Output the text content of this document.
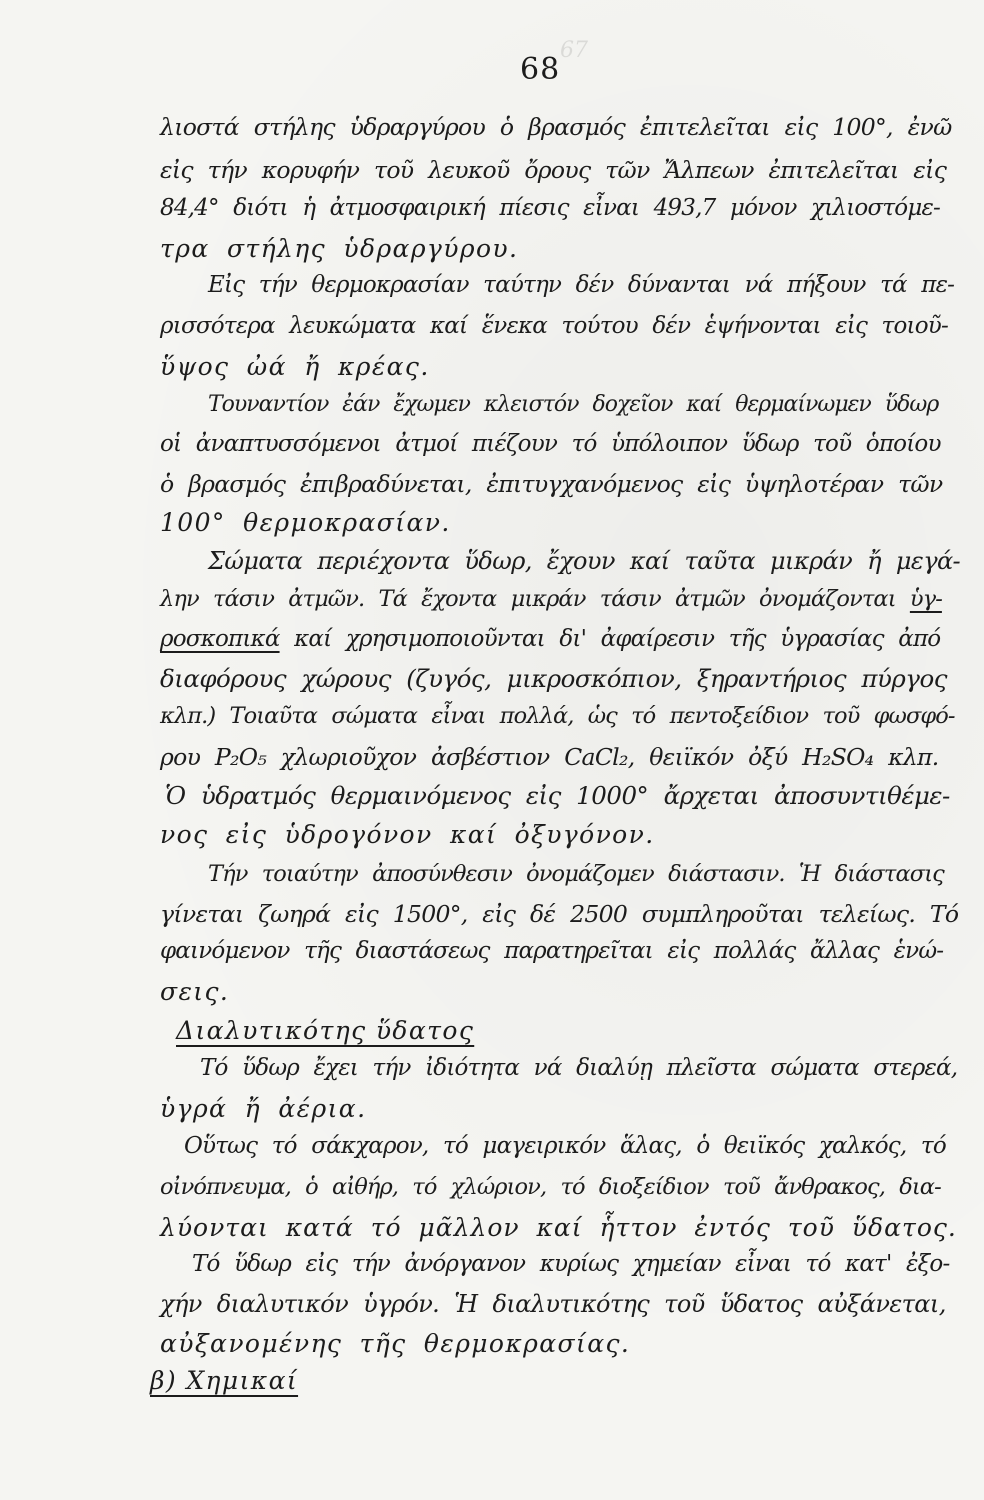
67
68
λιοστά στήλης ὑδραργύρου ὁ βρασμός ἐπιτελεῖται εἰς 100°, ἐνῶ
εἰς τήν κορυφήν τοῦ λευκοῦ ὄρους τῶν Ἄλπεων ἐπιτελεῖται εἰς
84,4° διότι ἡ ἀτμοσφαιρική πίεσις εἶναι 493,7 μόνον χιλιοστόμε-
τρα στήλης ὑδραργύρου.
Εἰς τήν θερμοκρασίαν ταύτην δέν δύνανται νά πήξουν τά πε-
ρισσότερα λευκώματα καί ἕνεκα τούτου δέν ἑψήνονται εἰς τοιοῦ-
ὕψος ὠά ἤ κρέας.
Τουναντίον ἐάν ἔχωμεν κλειστόν δοχεῖον καί θερμαίνωμεν ὕδωρ
οἱ ἀναπτυσσόμενοι ἀτμοί πιέζουν τό ὑπόλοιπον ὕδωρ τοῦ ὁποίου
ὁ βρασμός ἐπιβραδύνεται, ἐπιτυγχανόμενος εἰς ὑψηλοτέραν τῶν
100° θερμοκρασίαν.
Σώματα περιέχοντα ὕδωρ, ἔχουν καί ταῦτα μικράν ἤ μεγά-
λην τάσιν ἀτμῶν. Τά ἔχοντα μικράν τάσιν ἀτμῶν ὀνομάζονται ὑγ-
ροσκοπικά καί χρησιμοποιοῦνται δι' ἀφαίρεσιν τῆς ὑγρασίας ἀπό
διαφόρους χώρους (ζυγός, μικροσκόπιον, ξηραντήριος πύργος
κλπ.) Τοιαῦτα σώματα εἶναι πολλά, ὡς τό πεντοξείδιον τοῦ φωσφό-
ρου P₂O₅ χλωριοῦχον ἀσβέστιον CaCl₂, θειϊκόν ὀξύ H₂SO₄ κλπ.
Ὁ ὑδρατμός θερμαινόμενος εἰς 1000° ἄρχεται ἀποσυντιθέμε-
νος εἰς ὑδρογόνον καί ὀξυγόνον.
Τήν τοιαύτην ἀποσύνθεσιν ὀνομάζομεν διάστασιν. Ἡ διάστασις
γίνεται ζωηρά εἰς 1500°, εἰς δέ 2500 συμπληροῦται τελείως. Τό
φαινόμενον τῆς διαστάσεως παρατηρεῖται εἰς πολλάς ἄλλας ἑνώ-
σεις.
Διαλυτικότης ὕδατος
Τό ὕδωρ ἔχει τήν ἰδιότητα νά διαλύῃ πλεῖστα σώματα στερεά,
ὑγρά ἤ ἀέρια.
Οὕτως τό σάκχαρον, τό μαγειρικόν ἅλας, ὁ θειϊκός χαλκός, τό
οἰνόπνευμα, ὁ αἰθήρ, τό χλώριον, τό διοξείδιον τοῦ ἄνθρακος, δια-
λύονται κατά τό μᾶλλον καί ἧττον ἐντός τοῦ ὕδατος.
Τό ὕδωρ εἰς τήν ἀνόργανον κυρίως χημείαν εἶναι τό κατ' ἐξο-
χήν διαλυτικόν ὑγρόν. Ἡ διαλυτικότης τοῦ ὕδατος αὐξάνεται,
αὐξανομένης τῆς θερμοκρασίας.
β) Χημικαί
